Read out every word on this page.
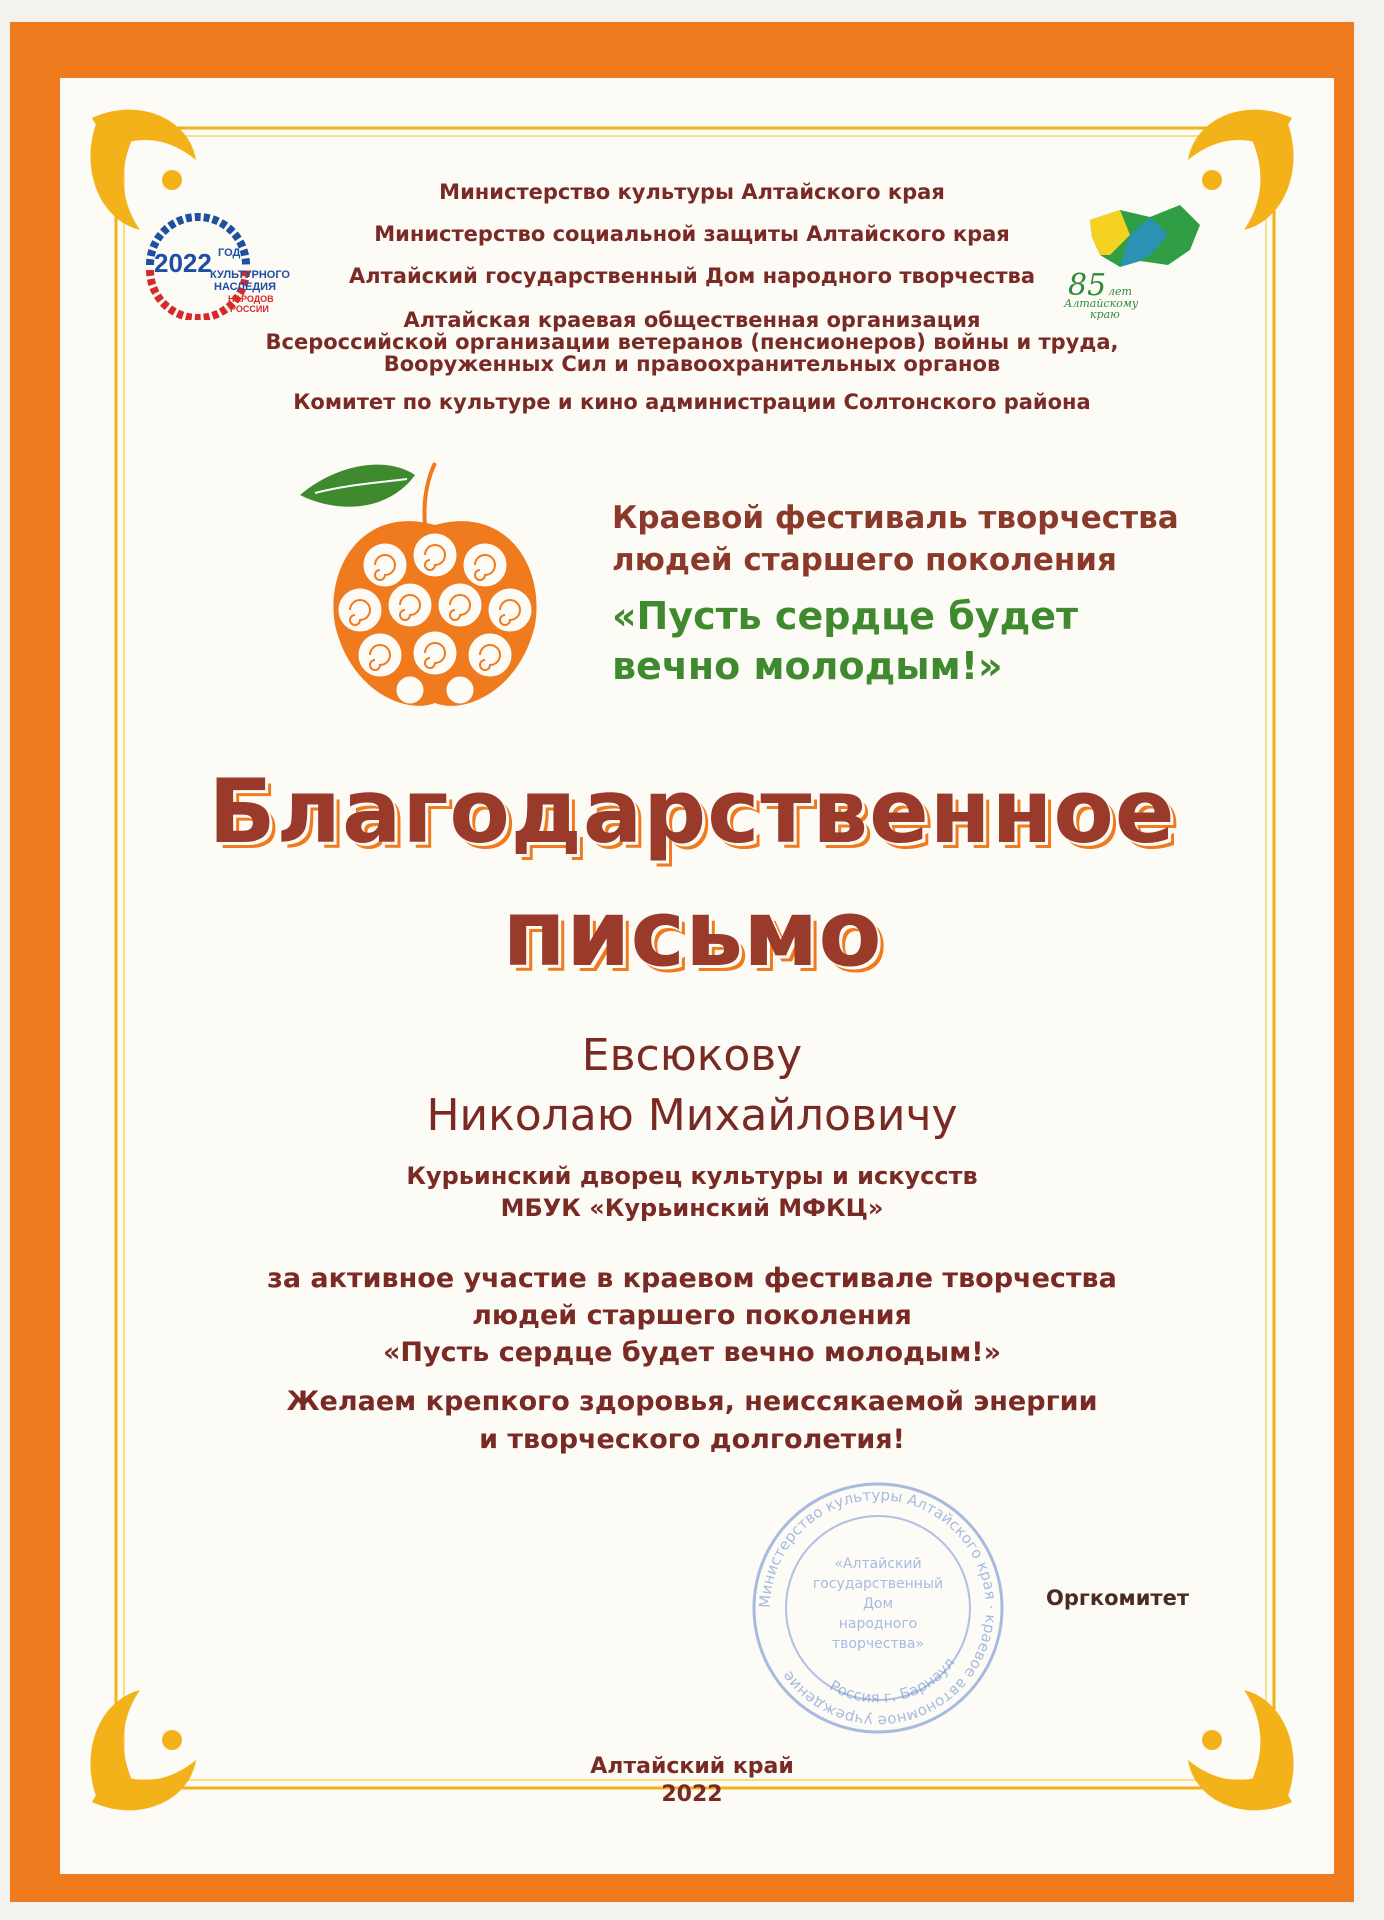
2022 ГОД
КУЛЬТУРНОГО
НАСЛЕДИЯ
НАРОДОВ
РОССИИ
85 лет
Алтайскому
краю
Министерство культуры Алтайского края
Министерство социальной защиты Алтайского края
Алтайский государственный Дом народного творчества
Алтайская краевая общественная организация
Всероссийской организации ветеранов (пенсионеров) войны и труда,
Вооруженных Сил и правоохранительных органов
Комитет по культуре и кино администрации Солтонского района
Краевой фестиваль творчества
людей старшего поколения
«Пусть сердце будет
вечно молодым!»
Благодарственное
письмо
Евсюкову
Николаю Михайловичу
Курьинский дворец культуры и искусств
МБУК «Курьинский МФКЦ»
за активное участие в краевом фестивале творчества
людей старшего поколения
«Пусть сердце будет вечно молодым!»
Желаем крепкого здоровья, неиссякаемой энергии
и творческого долголетия!
Министерство культуры Алтайского края · краевое автономное учреждение	Россия г. Барнаул
«Алтайский
государственный
Дом
народного
творчества»
Оргкомитет
Алтайский край
2022
